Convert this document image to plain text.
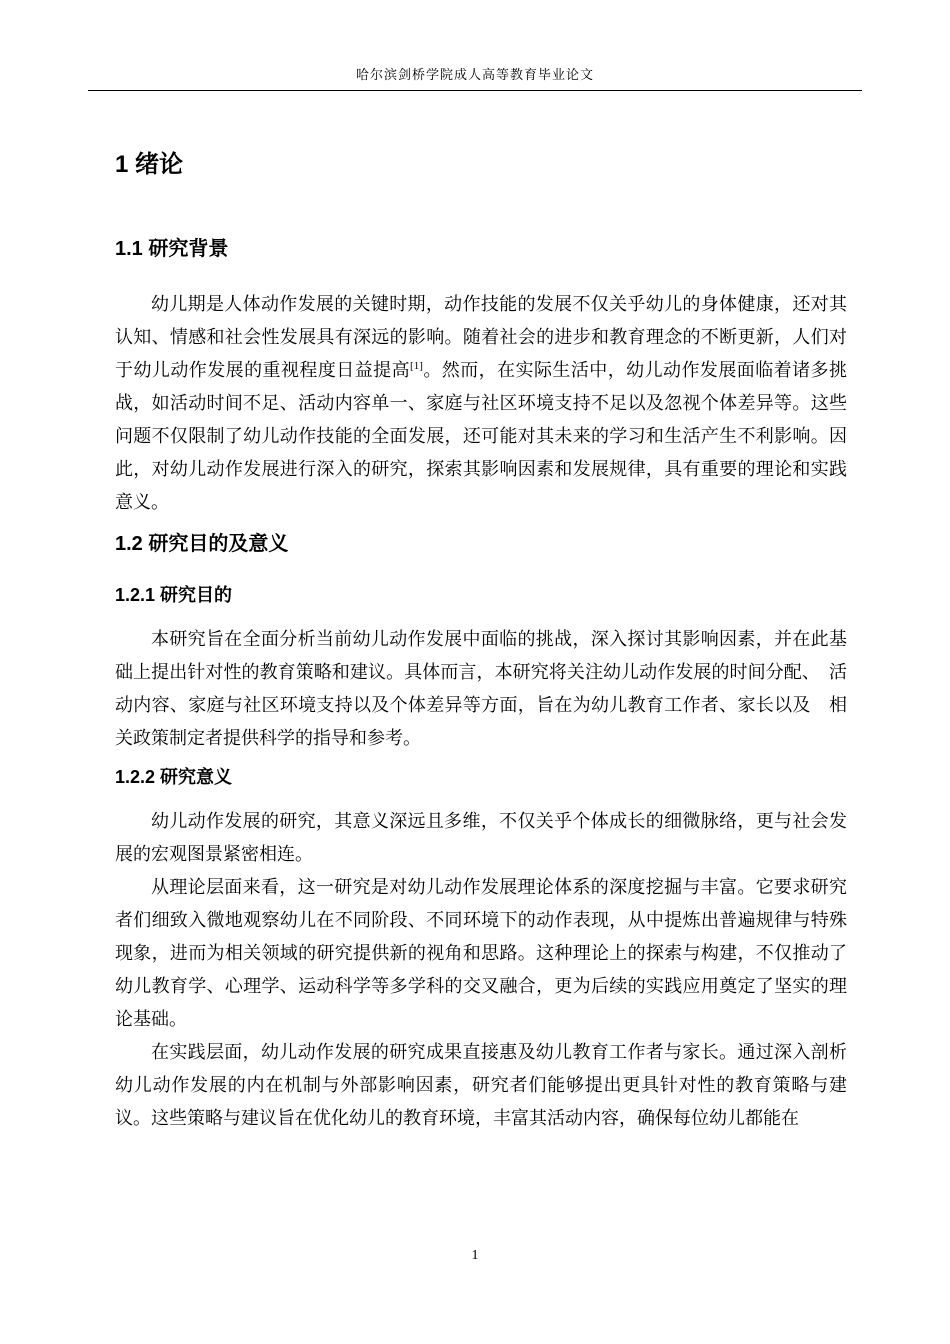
哈尔滨剑桥学院成人高等教育毕业论文
1 绪论
1.1 研究背景

幼儿期是人体动作发展的关键时期，动作技能的发展不仅关乎幼儿的身体健康，还对其认知、情感和社会性发展具有深远的影响。随着社会的进步和教育理念的不断更新，人们对于幼儿动作发展的重视程度日益提高[1]。然而，在实际生活中，幼儿动作发展面临着诸多挑战，如活动时间不足、活动内容单一、家庭与社区环境支持不足以及忽视个体差异等。这些问题不仅限制了幼儿动作技能的全面发展，还可能对其未来的学习和生活产生不利影响。因此，对幼儿动作发展进行深入的研究，探索其影响因素和发展规律，具有重要的理论和实践意义。

1.2 研究目的及意义
1.2.1 研究目的

本研究旨在全面分析当前幼儿动作发展中面临的挑战，深入探讨其影响因素，并在此基础上提出针对性的教育策略和建议。具体而言，本研究将关注幼儿动作发展的时间分配、　活动内容、家庭与社区环境支持以及个体差异等方面，旨在为幼儿教育工作者、家长以及　相关政策制定者提供科学的指导和参考。

1.2.2 研究意义

幼儿动作发展的研究，其意义深远且多维，不仅关乎个体成长的细微脉络，更与社会发展的宏观图景紧密相连。

从理论层面来看，这一研究是对幼儿动作发展理论体系的深度挖掘与丰富。它要求研究者们细致入微地观察幼儿在不同阶段、不同环境下的动作表现，从中提炼出普遍规律与特殊现象，进而为相关领域的研究提供新的视角和思路。这种理论上的探索与构建，不仅推动了幼儿教育学、心理学、运动科学等多学科的交叉融合，更为后续的实践应用奠定了坚实的理论基础。

在实践层面，幼儿动作发展的研究成果直接惠及幼儿教育工作者与家长。通过深入剖析幼儿动作发展的内在机制与外部影响因素，研究者们能够提出更具针对性的教育策略与建议。这些策略与建议旨在优化幼儿的教育环境，丰富其活动内容，确保每位幼儿都能在

1
